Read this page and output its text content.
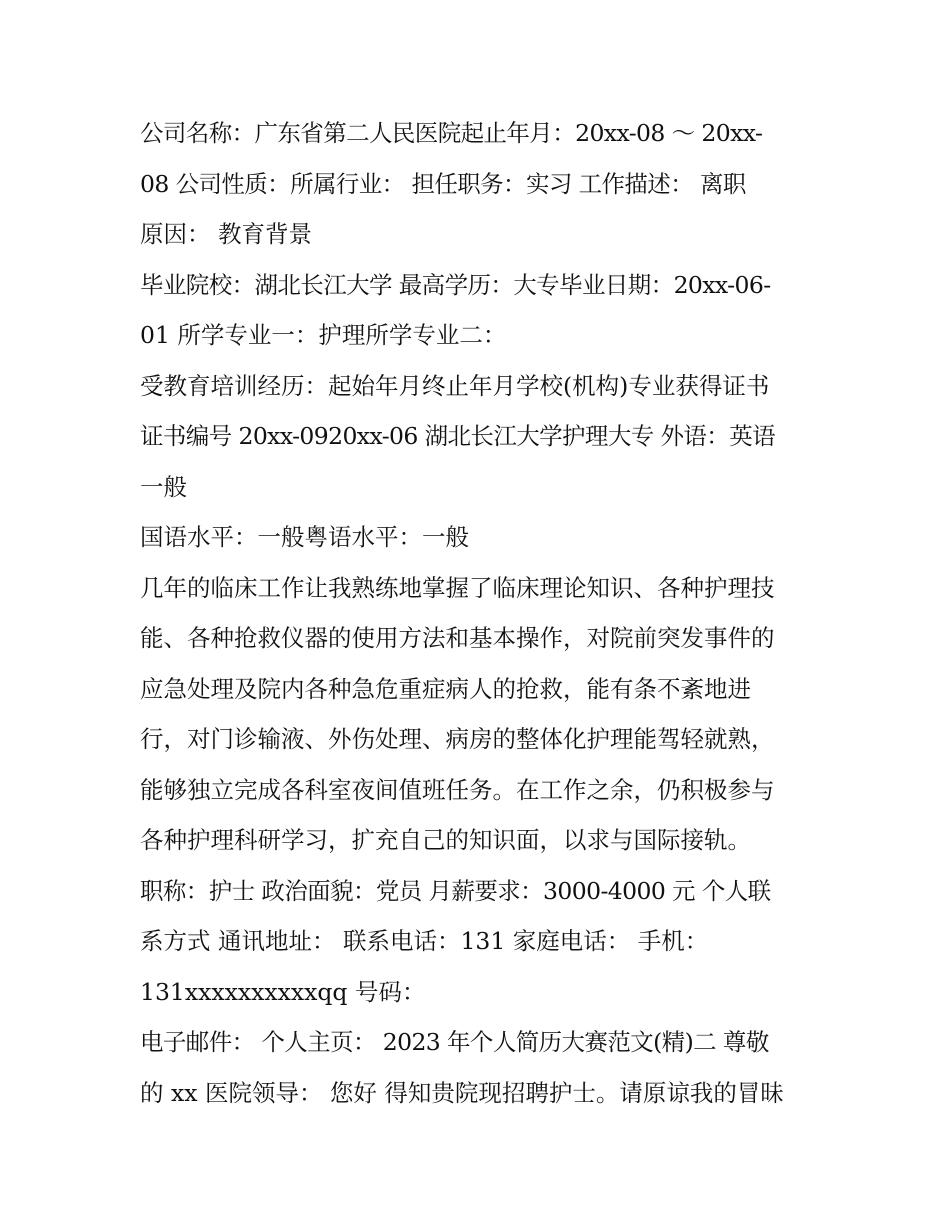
公司名称：广东省第二人民医院起止年月：20xx-08 ～ 20xx-
08 公司性质：所属行业： 担任职务：实习 工作描述： 离职
原因： 教育背景
毕业院校：湖北长江大学 最高学历：大专毕业日期：20xx-06-
01 所学专业一：护理所学专业二：
受教育培训经历：起始年月终止年月学校(机构)专业获得证书
证书编号 20xx-0920xx-06 湖北长江大学护理大专 外语：英语
一般
国语水平：一般粤语水平：一般
几年的临床工作让我熟练地掌握了临床理论知识、各种护理技
能、各种抢救仪器的使用方法和基本操作，对院前突发事件的
应急处理及院内各种急危重症病人的抢救，能有条不紊地进
行，对门诊输液、外伤处理、病房的整体化护理能驾轻就熟，
能够独立完成各科室夜间值班任务。在工作之余，仍积极参与
各种护理科研学习，扩充自己的知识面，以求与国际接轨。
职称：护士 政治面貌：党员 月薪要求：3000-4000 元 个人联
系方式 通讯地址： 联系电话：131 家庭电话： 手机：
131xxxxxxxxxxqq 号码：
电子邮件： 个人主页： 2023 年个人简历大赛范文(精)二 尊敬
的 xx 医院领导： 您好 得知贵院现招聘护士。请原谅我的冒昧
